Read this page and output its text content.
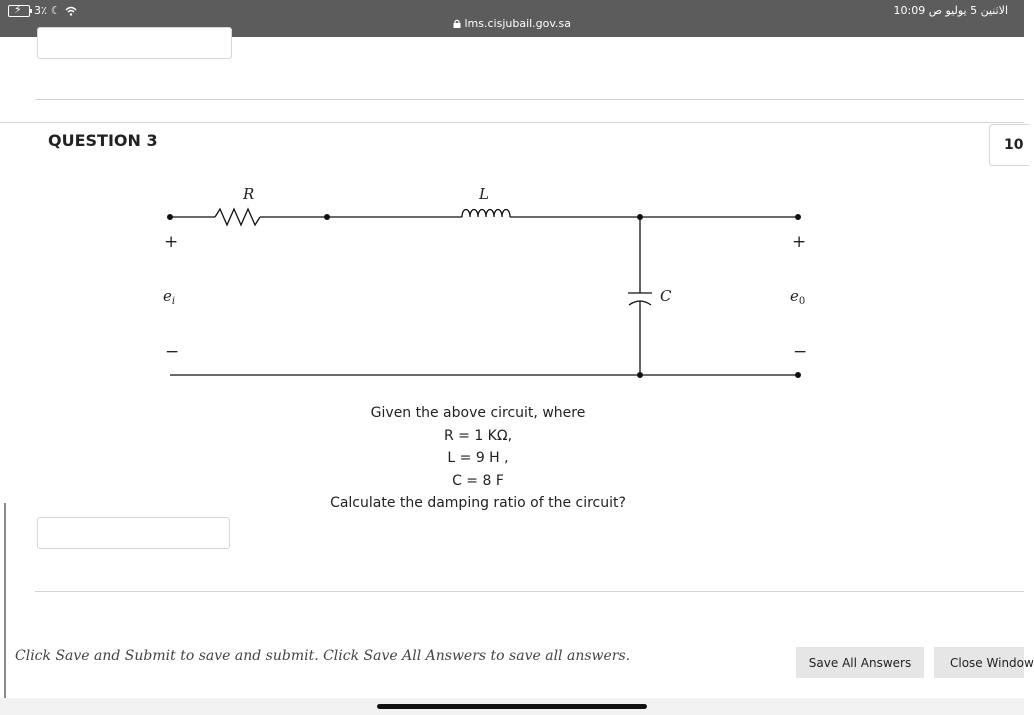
⚡ 3٪ ☾
lms.cisjubail.gov.sa
الاثنين 5 يوليو ص 10:09
QUESTION 3	10
R	L
C
$e_i$	$e_0$
+
−
+
−
Given the above circuit, where
R = 1 KΩ,
L = 9 H ,
C = 8 F
Calculate the damping ratio of the circuit?
Click Save and Submit to save and submit. Click Save All Answers to save all answers.	Save All Answers	Close Window
